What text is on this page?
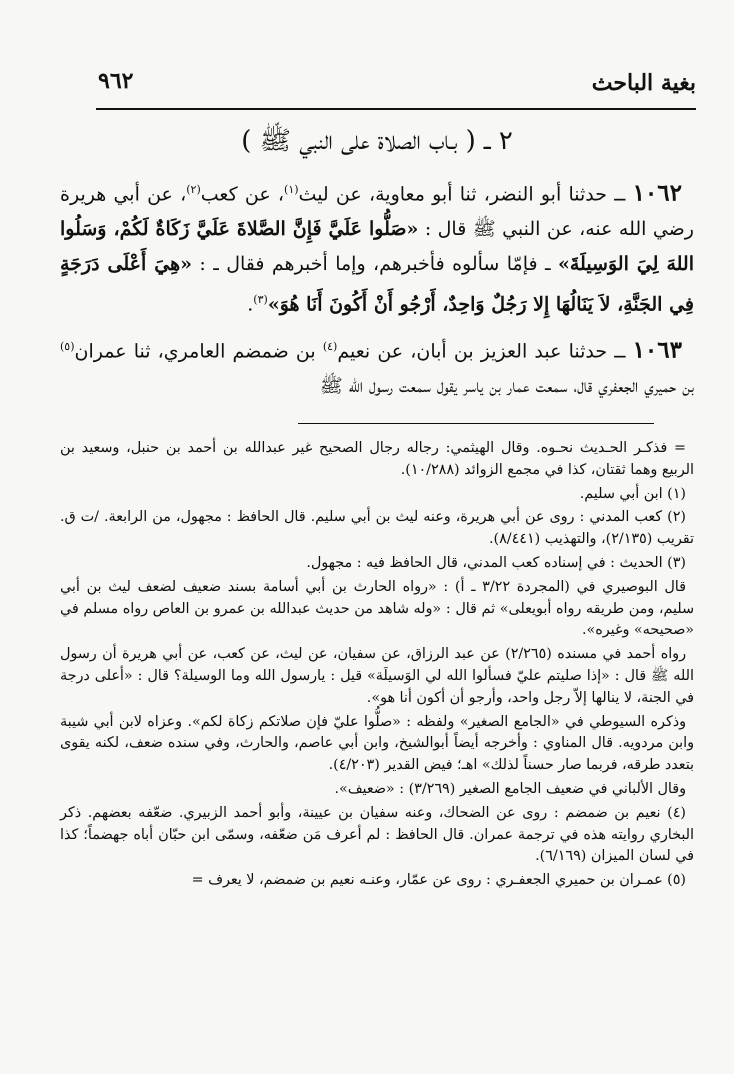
بغية الباحث
٩٦٢
٢ ــ ( بـاب الصلاة على النبي ﷺ )

١٠٦٢ ــ حدثنا أبو النضر، ثنا أبو معاوية، عن ليث$^{(١)}$، عن كعب$^{(٢)}$، عن أبي هريرة رضي الله عنه، عن النبي ﷺ قال : «صَلُّوا عَلَيَّ فَإِنَّ الصَّلاةَ عَلَيَّ زَكَاةٌ لَكُمْ، وَسَلُوا اللهَ لِيَ الوَسِيلَةَ» ـ فإمّا سألوه فأخبرهم، وإما أخبرهم فقال ـ : «هِيَ أَعْلَى دَرَجَةٍ فِي الجَنَّةِ، لاَ يَنَالُهَا إِلا رَجُلٌ وَاحِدٌ، أَرْجُو أَنْ أَكُونَ أَنَا هُوَ»$^{(٣)}$.

١٠٦٣ ــ حدثنا عبد العزيز بن أبان، عن نعيم$^{(٤)}$ بن ضمضم العامري، ثنا عمران$^{(٥)}$ بن حميري الجعفري قال، سمعت عمار بن ياسر يقول سمعت رسول الله ﷺ

= فذكـر الحـديث نحـوه. وقال الهيثمي: رجاله رجال الصحيح غير عبدالله بن أحمد بن حنبل، وسعيد بن الربيع وهما ثقتان، كذا في مجمع الزوائد (١٠/٢٨٨).

(١) ابن أبي سليم.

(٢) كعب المدني : روى عن أبي هريرة، وعنه ليث بن أبي سليم. قال الحافظ : مجهول، من الرابعة. /ت ق. تقريب (٢/١٣٥)، والتهذيب (٨/٤٤١).

(٣) الحديث : في إسناده كعب المدني، قال الحافظ فيه : مجهول.

قال البوصيري في (المجردة ٣/٢٢ ـ أ) : «رواه الحارث بن أبي أسامة بسند ضعيف لضعف ليث بن أبي سليم، ومن طريقه رواه أبويعلى» ثم قال : «وله شاهد من حديث عبدالله بن عمرو بن العاص رواه مسلم في «صحيحه» وغيره».

رواه أحمد في مسنده (٢/٢٦٥) عن عبد الرزاق، عن سفيان، عن ليث، عن كعب، عن أبي هريرة أن رسول الله ﷺ قال : «إذا صليتم عليّ فسألوا الله لي الوَسيلَة» قيل : يارسول الله وما الوسيلة؟ قال : «أعلى درجة في الجنة، لا ينالها إلاّ رجل واحد، وأرجو أن أكون أنا هو».

وذكره السيوطي في «الجامع الصغير» ولفظه : «صلُّوا عليّ فإن صلاتكم زكاة لكم». وعزاه لابن أبي شيبة وابن مردويه. قال المناوي : وأخرجه أيضاً أبوالشيخ، وابن أبي عاصم، والحارث، وفي سنده ضعف، لكنه يقوى بتعدد طرقه، فربما صار حسناً لذلك» اهـ؛ فيض القدير (٤/٢٠٣).

وقال الألباني في ضعيف الجامع الصغير (٣/٢٦٩) : «ضعيف».

(٤) نعيم بن ضمضم : روى عن الضحاك، وعنه سفيان بن عيينة، وأبو أحمد الزبيري. ضعّفه بعضهم. ذكر البخاري روايته هذه في ترجمة عمران. قال الحافظ : لم أعرف مَن ضعّفه، وسمّى ابن حبّان أباه جهضماً؛ كذا في لسان الميزان (٦/١٦٩).

(٥) عمـران بن حميري الجعفـري : روى عن عمّار، وعنـه نعيم بن ضمضم، لا يعرف =
